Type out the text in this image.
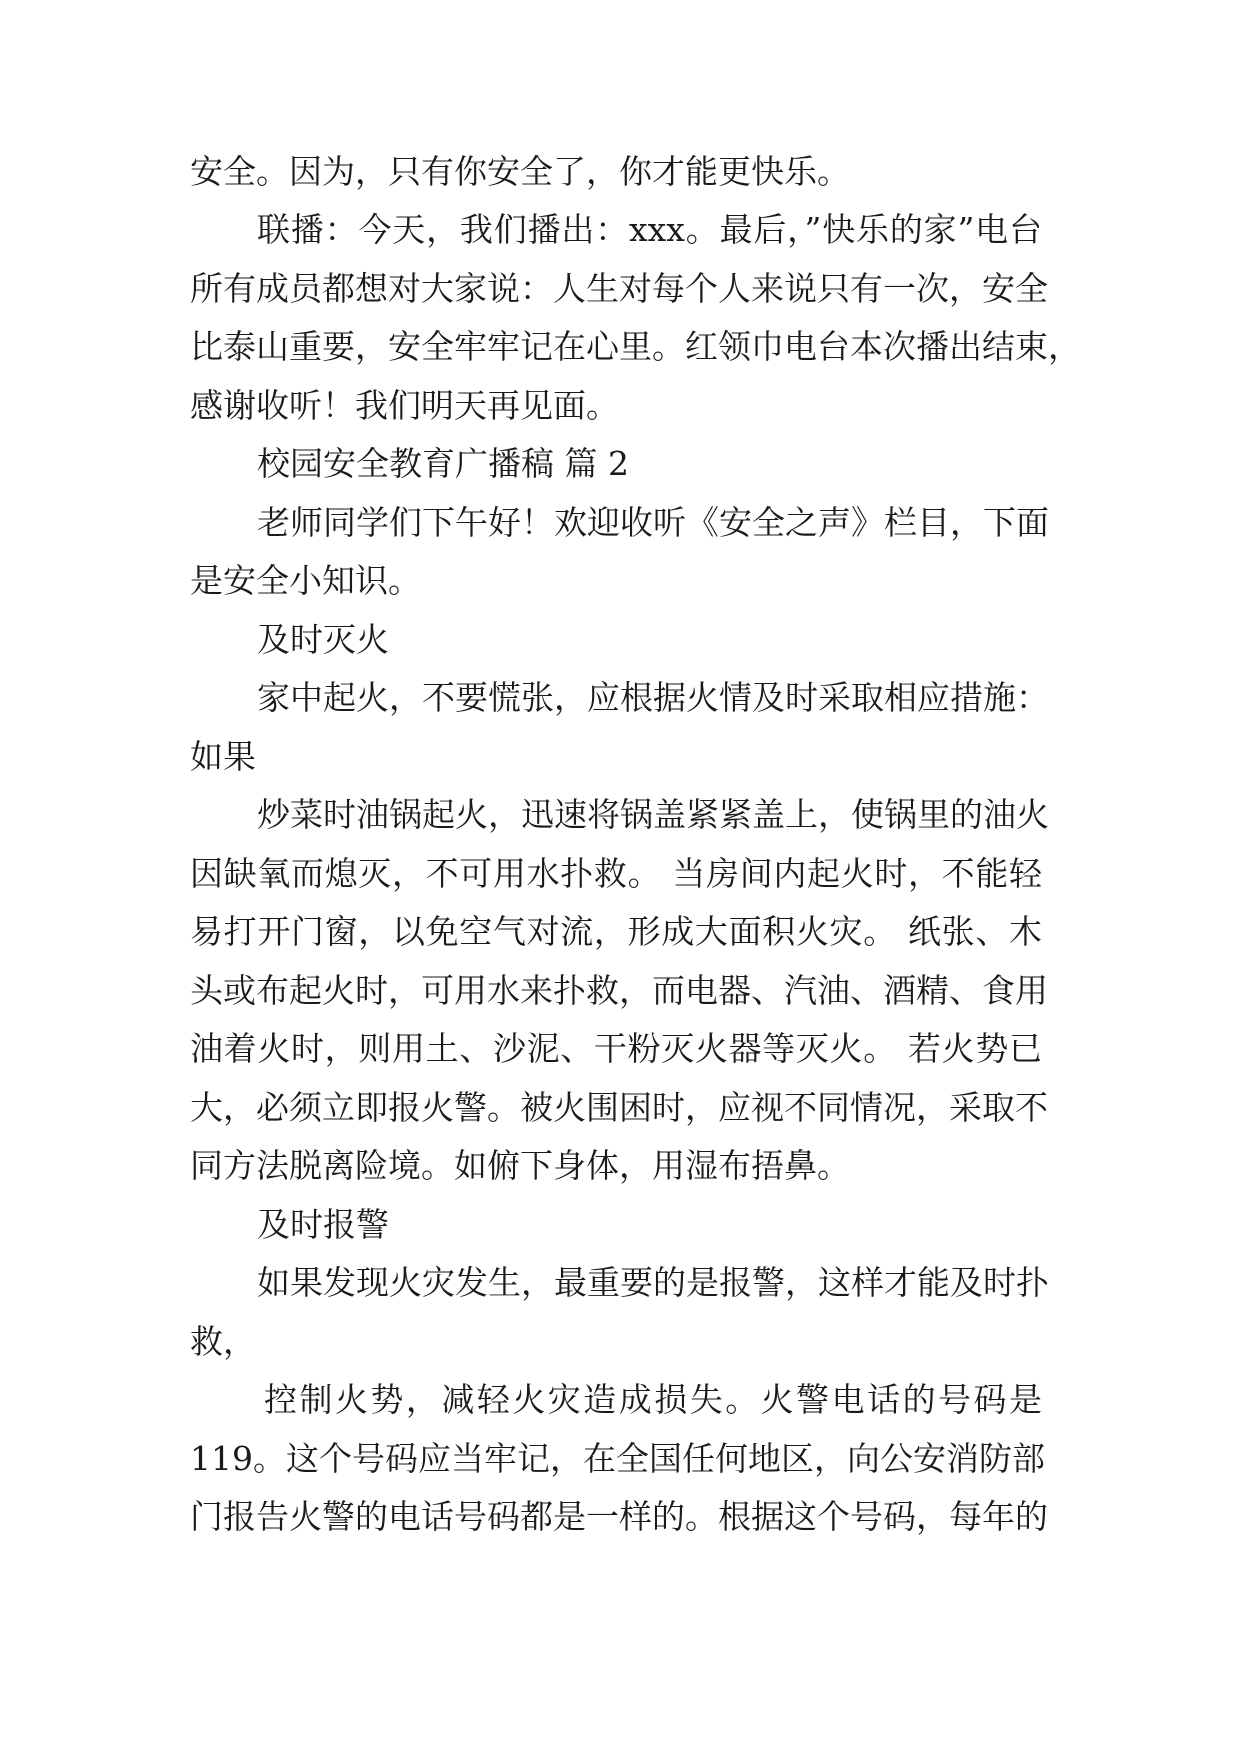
安全。因为，只有你安全了，你才能更快乐。
联播：今天，我们播出：xxx。最后，”快乐的家”电台
所有成员都想对大家说：人生对每个人来说只有一次，安全
比泰山重要，安全牢牢记在心里。红领巾电台本次播出结束，
感谢收听！我们明天再见面。
校园安全教育广播稿 篇 2
老师同学们下午好！欢迎收听《安全之声》栏目，下面
是安全小知识。
及时灭火
家中起火，不要慌张，应根据火情及时采取相应措施：
如果
炒菜时油锅起火，迅速将锅盖紧紧盖上，使锅里的油火
因缺氧而熄灭，不可用水扑救。 当房间内起火时，不能轻
易打开门窗，以免空气对流，形成大面积火灾。 纸张、木
头或布起火时，可用水来扑救，而电器、汽油、酒精、食用
油着火时，则用土、沙泥、干粉灭火器等灭火。 若火势已
大，必须立即报火警。被火围困时，应视不同情况，采取不
同方法脱离险境。如俯下身体，用湿布捂鼻。
及时报警
如果发现火灾发生，最重要的是报警，这样才能及时扑
救，
控制火势，减轻火灾造成损失。火警电话的号码是
119。这个号码应当牢记，在全国任何地区，向公安消防部
门报告火警的电话号码都是一样的。根据这个号码，每年的
